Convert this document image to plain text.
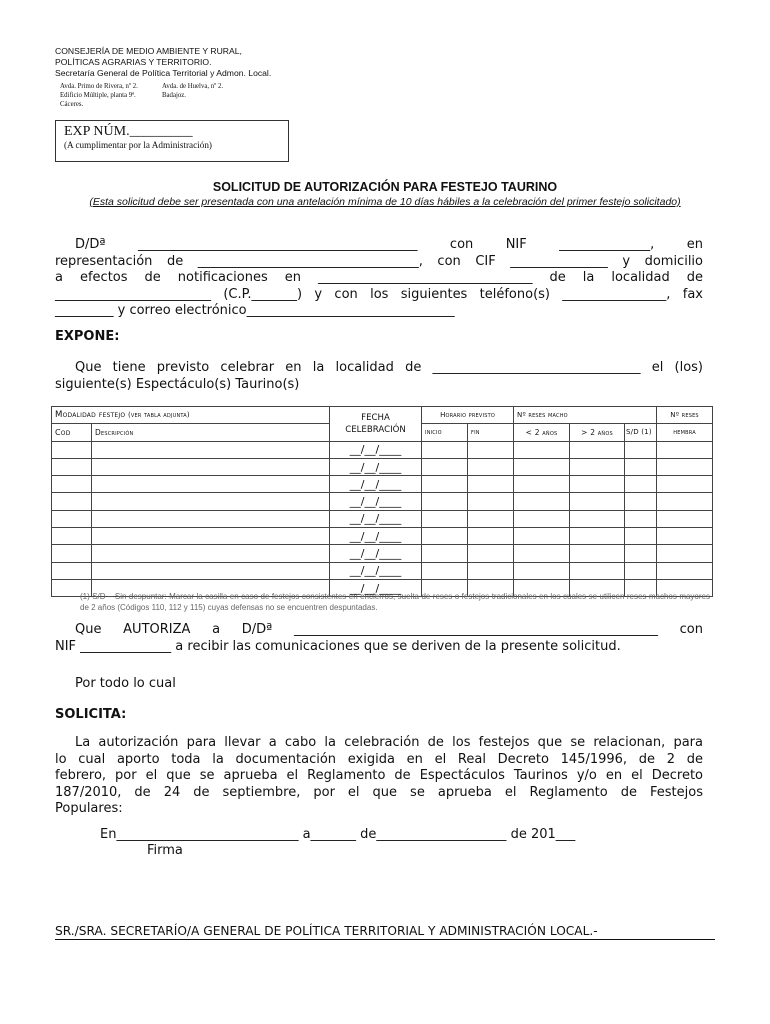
CONSEJERÍA DE MEDIO AMBIENTE Y RURAL,
POLÍTICAS AGRARIAS Y TERRITORIO.
Secretaría General de Política Territorial y Admon. Local.
Avda. Primo de Rivera, nº 2.
Edificio Múltiple, planta 9ª.
Cáceres.
Avda. de Huelva, nº 2.
Badajoz.
EXP NÚM._________
(A cumplimentar por la Administración)
SOLICITUD DE AUTORIZACIÓN PARA FESTEJO TAURINO
(Esta solicitud debe ser presentada con una antelación mínima de 10 días hábiles a la celebración del primer festejo solicitado)
D/Dª ___________________________________________ con NIF ______________, en
representación de __________________________________, con CIF _______________ y domicilio
a efectos de notificaciones en _________________________________ de la localidad de
________________________ (C.P._______) y con los siguientes teléfono(s) ________________, fax
_________ y correo electrónico________________________________
EXPONE:
Que tiene previsto celebrar en la localidad de ________________________________ el (los)
siguiente(s) Espectáculo(s) Taurino(s)
Modalidad festejo (ver tabla adjunta)		FECHA
CELEBRACIÓN	Horario previsto		Nº reses macho			Nº reses
Cod	Descripción		inicio	fin	< 2 años	> 2 años	S/D (1)	hembra
		__/__/____						
		__/__/____						
		__/__/____						
		__/__/____						
		__/__/____						
		__/__/____						
		__/__/____						
		__/__/____						
		__/__/____						
(1) S/D – Sin despuntar: Marcar la casilla en caso de festejos consistentes en encierros, suelta de reses o festejos tradicionales en los cuales se utilicen reses machos mayores de 2 años (Códigos 110, 112 y 115) cuyas defensas no se encuentren despuntadas.
Que AUTORIZA a D/Dª ________________________________________________________ con
NIF ______________ a recibir las comunicaciones que se deriven de la presente solicitud.
Por todo lo cual
SOLICITA:
La autorización para llevar a cabo la celebración de los festejos que se relacionan, para
lo cual aporto toda la documentación exigida en el Real Decreto 145/1996, de 2 de
febrero, por el que se aprueba el Reglamento de Espectáculos Taurinos y/o en el Decreto
187/2010, de 24 de septiembre, por el que se aprueba el Reglamento de Festejos
Populares:
En____________________________ a_______ de____________________ de 201___
Firma
SR./SRA. SECRETARÍO/A GENERAL DE POLÍTICA TERRITORIAL Y ADMINISTRACIÓN LOCAL.-
